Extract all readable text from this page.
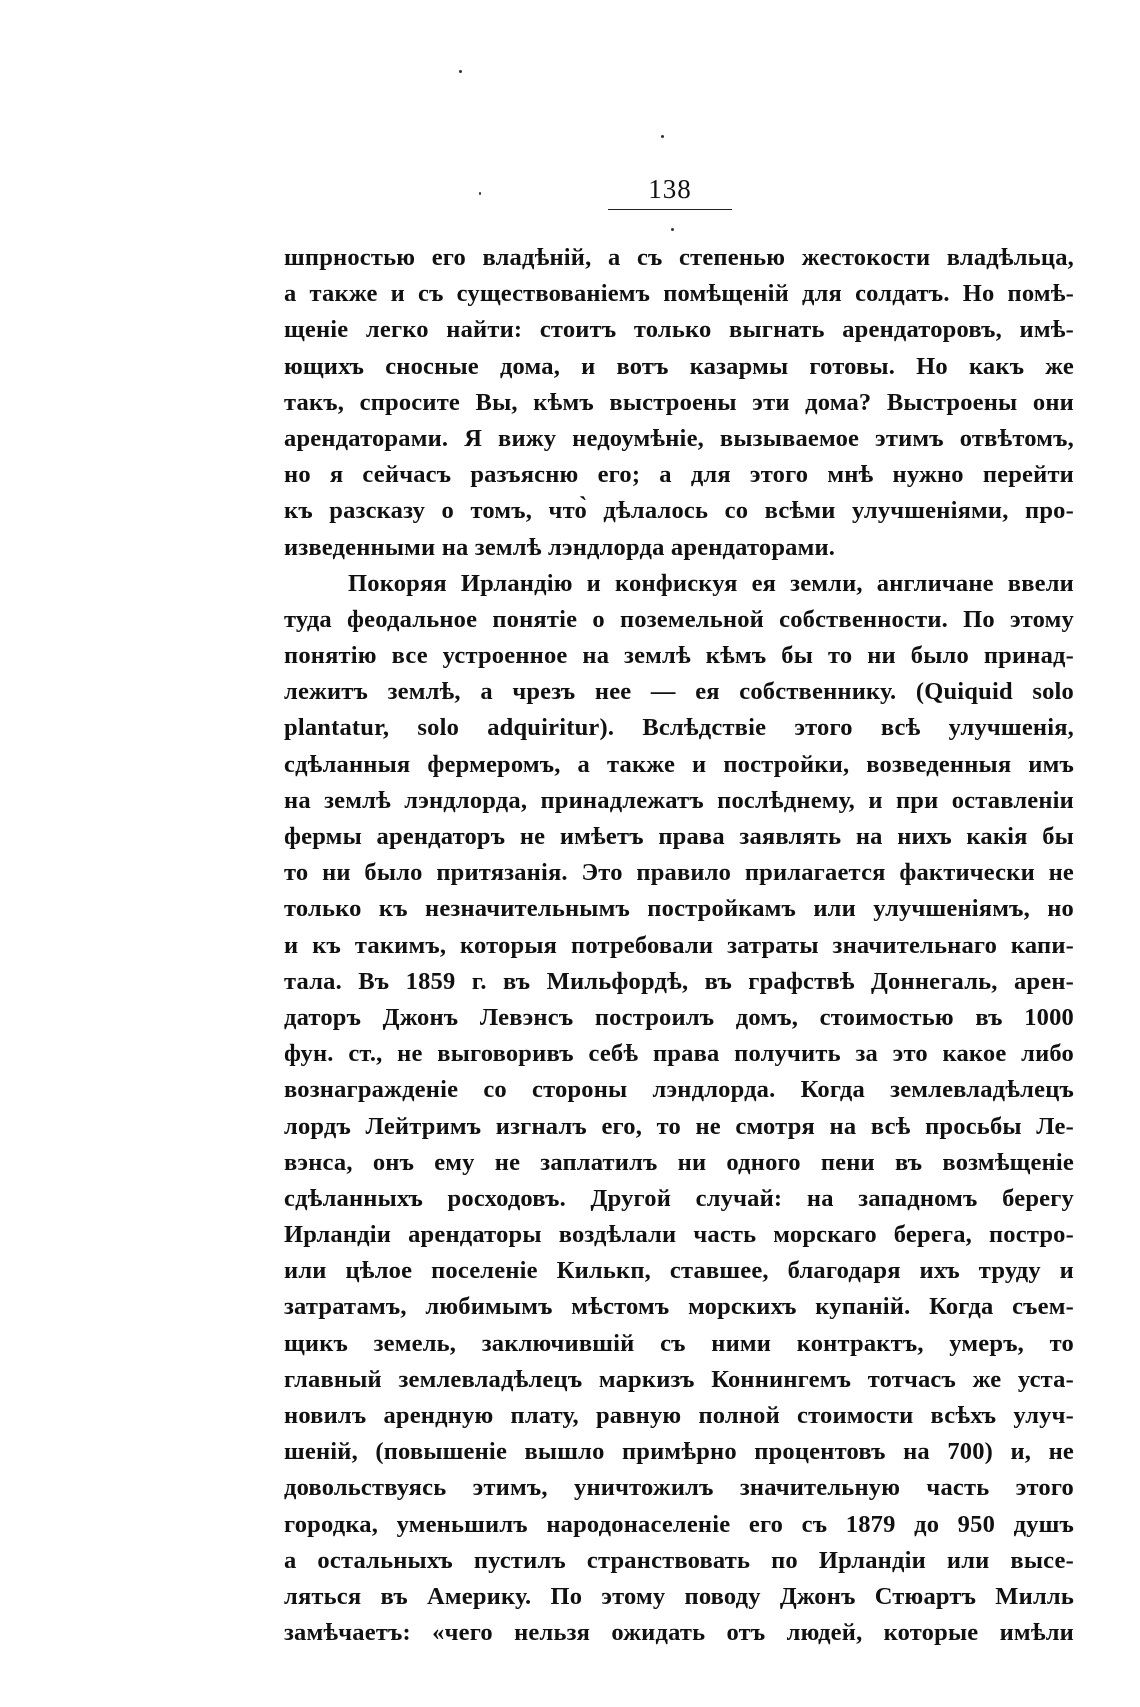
138
шпрностью его владѣній, а съ степенью жестокости владѣльца,
а также и съ существованіемъ помѣщеній для солдатъ. Но помѣ-
щеніе легко найти: стоитъ только выгнать арендаторовъ, имѣ-
ющихъ сносные дома, и вотъ казармы готовы. Но какъ же
такъ, спросите Вы, кѣмъ выстроены эти дома? Выстроены они
арендаторами. Я вижу недоумѣніе, вызываемое этимъ отвѣтомъ,
но я сейчасъ разъясню его; а для этого мнѣ нужно перейти
къ разсказу о томъ, что̀ дѣлалось со всѣми улучшеніями, про-
изведенными на землѣ лэндлорда арендаторами.
Покоряя Ирландію и конфискуя ея земли, англичане ввели
туда феодальное понятіе о поземельной собственности. По этому
понятію все устроенное на землѣ кѣмъ бы то ни было принад-
лежитъ землѣ, а чрезъ нее — ея собственнику. (Quiquid solo
plantatur, solo adquiritur). Вслѣдствіе этого всѣ улучшенія,
сдѣланныя фермеромъ, а также и постройки, возведенныя имъ
на землѣ лэндлорда, принадлежатъ послѣднему, и при оставленіи
фермы арендаторъ не имѣетъ права заявлять на нихъ какія бы
то ни было притязанія. Это правило прилагается фактически не
только къ незначительнымъ постройкамъ или улучшеніямъ, но
и къ такимъ, которыя потребовали затраты значительнаго капи-
тала. Въ 1859 г. въ Мильфордѣ, въ графствѣ Доннегаль, арен-
даторъ Джонъ Левэнсъ построилъ домъ, стоимостью въ 1000
фун. ст., не выговоривъ себѣ права получить за это какое либо
вознагражденіе со стороны лэндлорда. Когда землевладѣлецъ
лордъ Лейтримъ изгналъ его, то не смотря на всѣ просьбы Ле-
вэнса, онъ ему не заплатилъ ни одного пени въ возмѣщеніе
сдѣланныхъ росходовъ. Другой случай: на западномъ берегу
Ирландіи арендаторы воздѣлали часть морскаго берега, постро-
или цѣлое поселеніе Килькп, ставшее, благодаря ихъ труду и
затратамъ, любимымъ мѣстомъ морскихъ купаній. Когда съем-
щикъ земель, заключившій съ ними контрактъ, умеръ, то
главный землевладѣлецъ маркизъ Коннингемъ тотчасъ же уста-
новилъ арендную плату, равную полной стоимости всѣхъ улуч-
шеній, (повышеніе вышло примѣрно процентовъ на 700) и, не
довольствуясь этимъ, уничтожилъ значительную часть этого
городка, уменьшилъ народонаселеніе его съ 1879 до 950 душъ
а остальныхъ пустилъ странствовать по Ирландіи или высе-
ляться въ Америку. По этому поводу Джонъ Стюартъ Милль
замѣчаетъ: «чего нельзя ожидать отъ людей, которые имѣли
